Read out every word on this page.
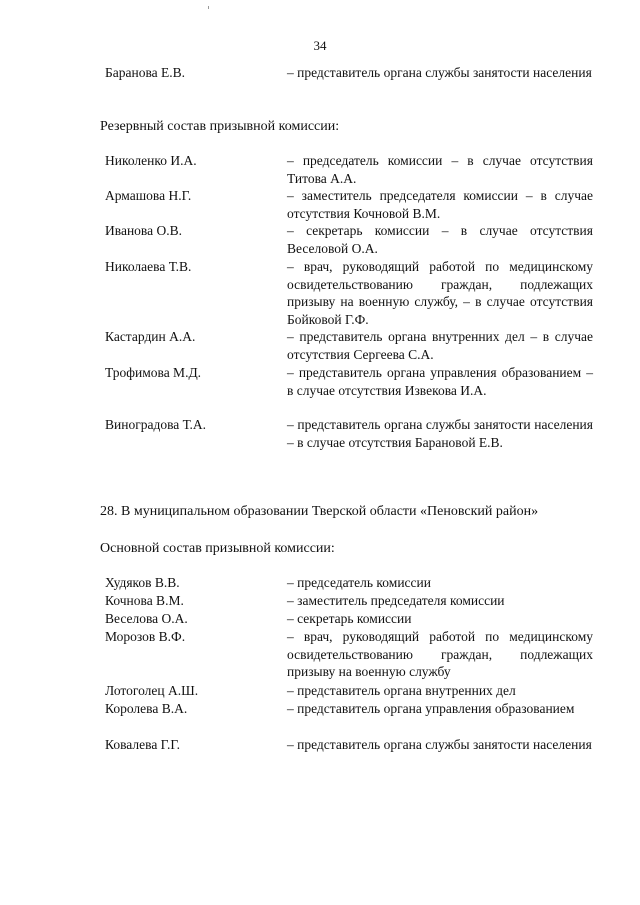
34
Баранова Е.В.	– представитель органа службы занятости населения
Резервный состав призывной комиссии:
Николенко И.А.	– председатель комиссии – в случае отсутствия Титова А.А.
Армашова Н.Г.	– заместитель председателя комиссии – в случае отсутствия Кочновой В.М.
Иванова О.В.	– секретарь комиссии – в случае отсутствия Веселовой О.А.
Николаева Т.В.	– врач, руководящий работой по медицинскому освидетельствованию граждан, подлежащих призыву на военную службу, – в случае отсутствия Бойковой Г.Ф.
Кастардин А.А.	– представитель органа внутренних дел – в случае отсутствия Сергеева С.А.
Трофимова М.Д.	– представитель органа управления образованием – в случае отсутствия Извекова И.А.
Виноградова Т.А.	– представитель органа службы занятости населения – в случае отсутствия Барановой Е.В.
28. В муниципальном образовании Тверской области «Пеновский район»
Основной состав призывной комиссии:
Худяков В.В.	– председатель комиссии
Кочнова В.М.	– заместитель председателя комиссии
Веселова О.А.	– секретарь комиссии
Морозов В.Ф.	– врач, руководящий работой по медицинскому освидетельствованию граждан, подлежащих призыву на военную службу
Лотоголец А.Ш.	– представитель органа внутренних дел
Королева В.А.	– представитель органа управления образованием
Ковалева Г.Г.	– представитель органа службы занятости населения
